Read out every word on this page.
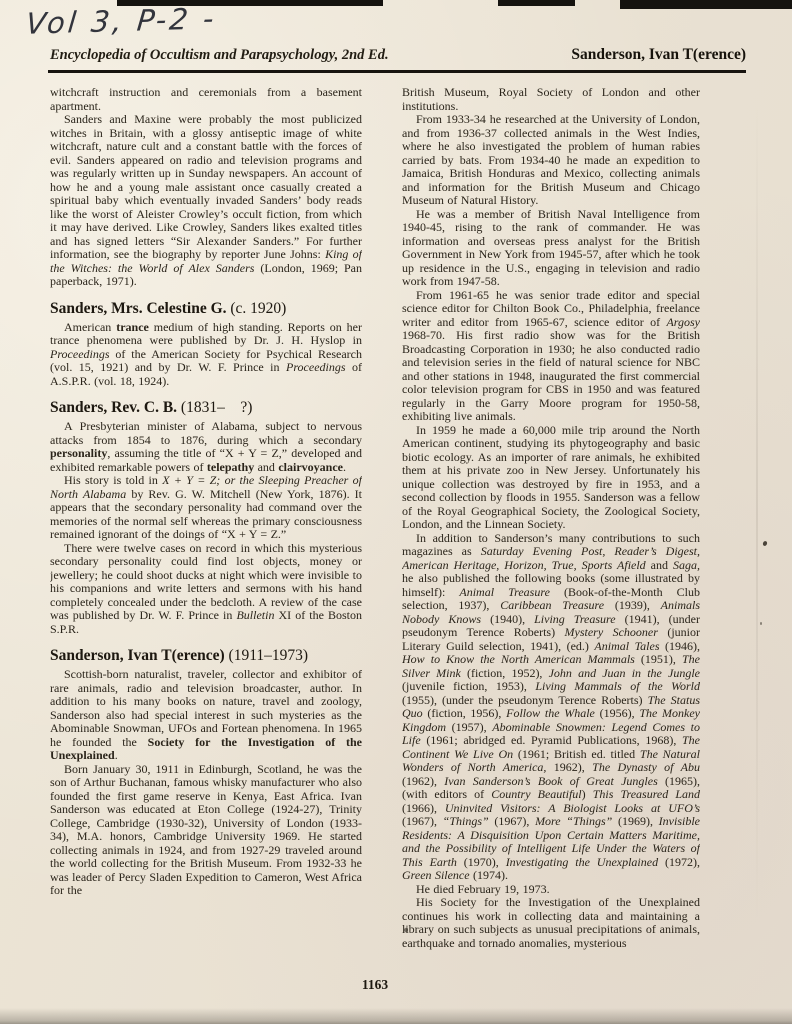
Vol 3, P-2 -
Encyclopedia of Occultism and Parapsychology, 2nd Ed.	Sanderson, Ivan T(erence)

witchcraft instruction and ceremonials from a basement apartment.

Sanders and Maxine were probably the most publicized witches in Britain, with a glossy antiseptic image of white witchcraft, nature cult and a constant battle with the forces of evil. Sanders appeared on radio and television programs and was regularly written up in Sunday newspapers. An account of how he and a young male assistant once casually created a spiritual baby which eventually invaded Sanders’ body reads like the worst of Aleister Crowley’s occult fiction, from which it may have derived. Like Crowley, Sanders likes exalted titles and has signed letters “Sir Alexander Sanders.” For further information, see the biography by reporter June Johns: King of the Witches: the World of Alex Sanders (London, 1969; Pan paperback, 1971).

Sanders, Mrs. Celestine G. (c. 1920)

American trance medium of high standing. Reports on her trance phenomena were published by Dr. J. H. Hyslop in Proceedings of the American Society for Psychical Research (vol. 15, 1921) and by Dr. W. F. Prince in Proceedings of A.S.P.R. (vol. 18, 1924).

Sanders, Rev. C. B. (1831–    ?)

A Presbyterian minister of Alabama, subject to nervous attacks from 1854 to 1876, during which a secondary personality, assuming the title of “X + Y = Z,” developed and exhibited remarkable powers of telepathy and clairvoyance.

His story is told in X + Y = Z; or the Sleeping Preacher of North Alabama by Rev. G. W. Mitchell (New York, 1876). It appears that the secondary personality had command over the memories of the normal self whereas the primary consciousness remained ignorant of the doings of “X + Y = Z.”

There were twelve cases on record in which this mysterious secondary personality could find lost objects, money or jewellery; he could shoot ducks at night which were invisible to his companions and write letters and sermons with his hand completely concealed under the bedcloth. A review of the case was published by Dr. W. F. Prince in Bulletin XI of the Boston S.P.R.

Sanderson, Ivan T(erence) (1911–1973)

Scottish-born naturalist, traveler, collector and exhibitor of rare animals, radio and television broadcaster, author. In addition to his many books on nature, travel and zoology, Sanderson also had special interest in such mysteries as the Abominable Snowman, UFOs and Fortean phenomena. In 1965 he founded the Society for the Investigation of the Unexplained.

Born January 30, 1911 in Edinburgh, Scotland, he was the son of Arthur Buchanan, famous whisky manufacturer who also founded the first game reserve in Kenya, East Africa. Ivan Sanderson was educated at Eton College (1924-27), Trinity College, Cambridge (1930-32), University of London (1933-34), M.A. honors, Cambridge University 1969. He started collecting animals in 1924, and from 1927-29 traveled around the world collecting for the British Museum. From 1932-33 he was leader of Percy Sladen Expedition to Cameron, West Africa for the

British Museum, Royal Society of London and other institutions.

From 1933-34 he researched at the University of London, and from 1936-37 collected animals in the West Indies, where he also investigated the problem of human rabies carried by bats. From 1934-40 he made an expedition to Jamaica, British Honduras and Mexico, collecting animals and information for the British Museum and Chicago Museum of Natural History.

He was a member of British Naval Intelligence from 1940-45, rising to the rank of commander. He was information and overseas press analyst for the British Government in New York from 1945-57, after which he took up residence in the U.S., engaging in television and radio work from 1947-58.

From 1961-65 he was senior trade editor and special science editor for Chilton Book Co., Philadelphia, freelance writer and editor from 1965-67, science editor of Argosy 1968-70. His first radio show was for the British Broadcasting Corporation in 1930; he also conducted radio and television series in the field of natural science for NBC and other stations in 1948, inaugurated the first commercial color television program for CBS in 1950 and was featured regularly in the Garry Moore program for 1950-58, exhibiting live animals.

In 1959 he made a 60,000 mile trip around the North American continent, studying its phytogeography and basic biotic ecology. As an importer of rare animals, he exhibited them at his private zoo in New Jersey. Unfortunately his unique collection was destroyed by fire in 1953, and a second collection by floods in 1955. Sanderson was a fellow of the Royal Geographical Society, the Zoological Society, London, and the Linnean Society.

In addition to Sanderson’s many contributions to such magazines as Saturday Evening Post, Reader’s Digest, American Heritage, Horizon, True, Sports Afield and Saga, he also published the following books (some illustrated by himself): Animal Treasure (Book-of-the-Month Club selection, 1937), Caribbean Treasure (1939), Animals Nobody Knows (1940), Living Treasure (1941), (under pseudonym Terence Roberts) Mystery Schooner (junior Literary Guild selection, 1941), (ed.) Animal Tales (1946), How to Know the North American Mammals (1951), The Silver Mink (fiction, 1952), John and Juan in the Jungle (juvenile fiction, 1953), Living Mammals of the World (1955), (under the pseudonym Terence Roberts) The Status Quo (fiction, 1956), Follow the Whale (1956), The Monkey Kingdom (1957), Abominable Snowmen: Legend Comes to Life (1961; abridged ed. Pyramid Publications, 1968), The Continent We Live On (1961; British ed. titled The Natural Wonders of North America, 1962), The Dynasty of Abu (1962), Ivan Sanderson’s Book of Great Jungles (1965), (with editors of Country Beautiful) This Treasured Land (1966), Uninvited Visitors: A Biologist Looks at UFO’s (1967), “Things” (1967), More “Things” (1969), Invisible Residents: A Disquisition Upon Certain Matters Maritime, and the Possibility of Intelligent Life Under the Waters of This Earth (1970), Investigating the Unexplained (1972), Green Silence (1974).

He died February 19, 1973.

His Society for the Investigation of the Unexplained continues his work in collecting data and maintaining a library on such subjects as unusual precipitations of animals, earthquake and tornado anomalies, mysterious

1163
